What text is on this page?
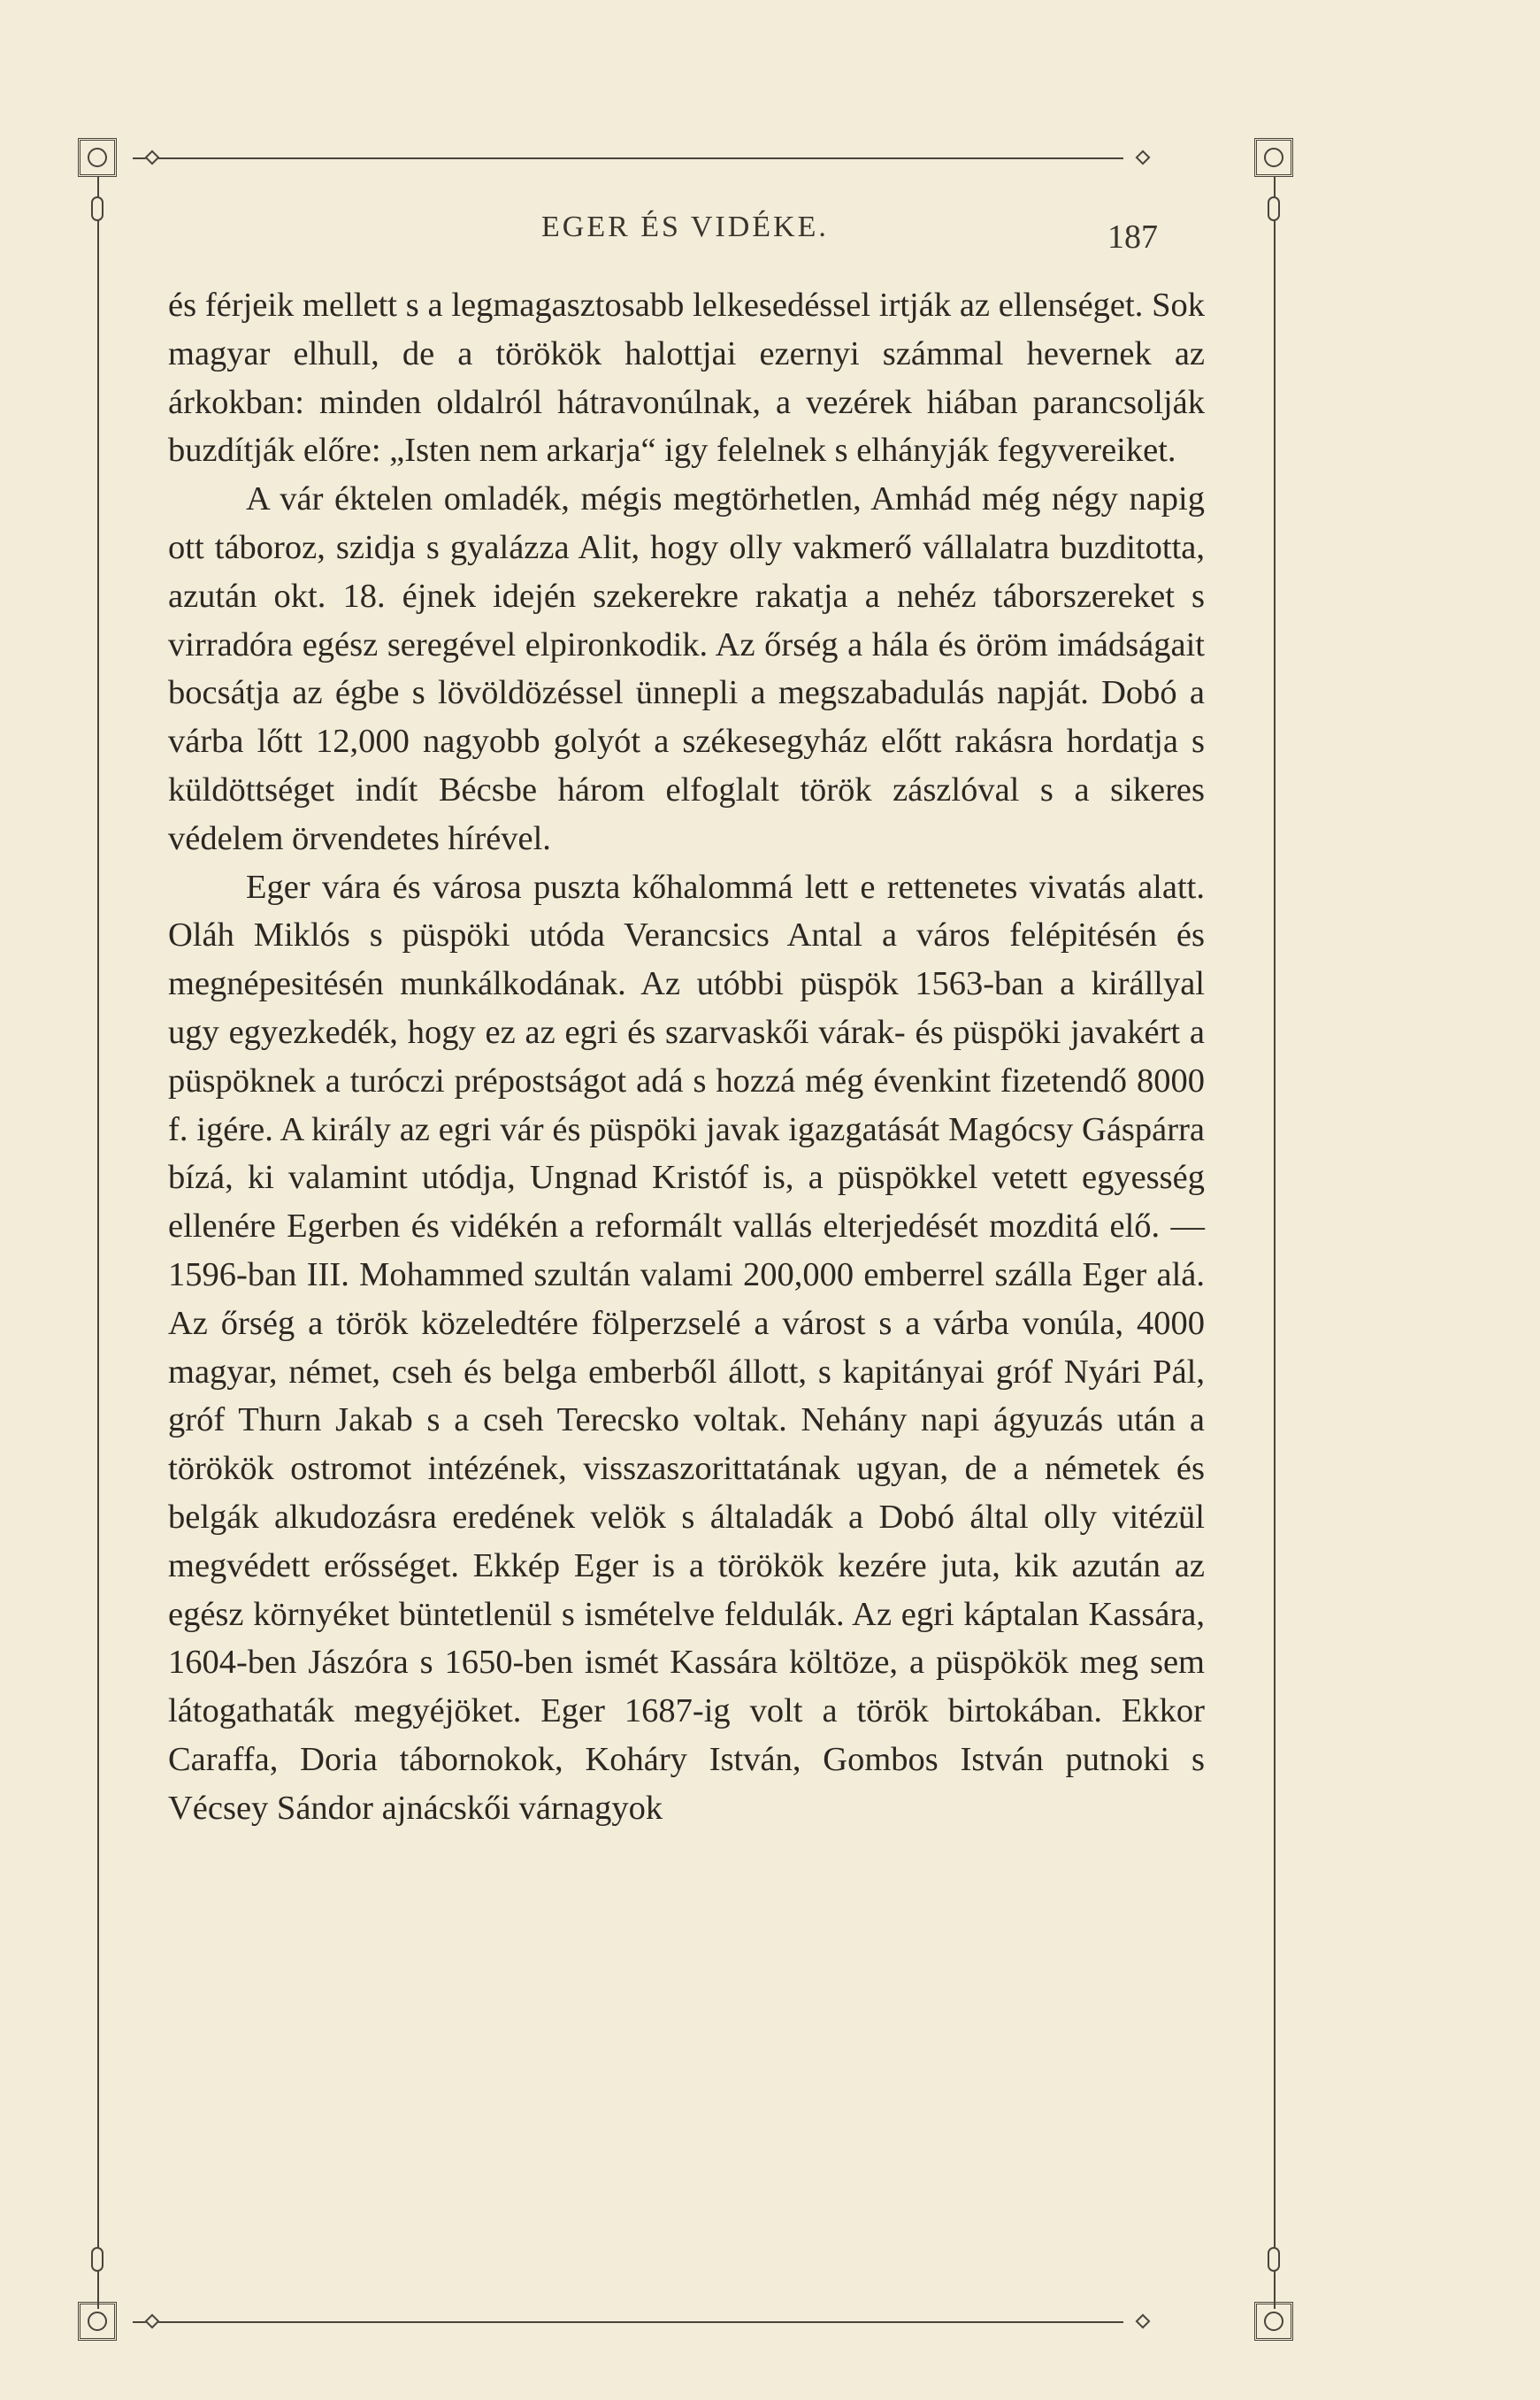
EGER ÉS VIDÉKE.	187

és férjeik mellett s a legmagasztosabb lelkesedéssel irtják az ellenséget. Sok magyar elhull, de a törökök halottjai ezernyi számmal hevernek az árkokban: minden oldalról hátravonúlnak, a vezérek hiában parancsolják buzdítják előre: „Isten nem arkarja“ igy felelnek s elhányják fegyvereiket.

A vár éktelen omladék, mégis megtörhetlen, Amhád még négy napig ott táboroz, szidja s gyalázza Alit, hogy olly vakmerő vállalatra buzditotta, azután okt. 18. éjnek idején szekerekre rakatja a nehéz táborszereket s virradóra egész seregével elpironkodik. Az őrség a hála és öröm imádságait bocsátja az égbe s lövöldözéssel ünnepli a megszabadulás napját. Dobó a várba lőtt 12,000 nagyobb golyót a székesegyház előtt rakásra hordatja s küldöttséget indít Bécsbe három elfoglalt török zászlóval s a sikeres védelem örvendetes hírével.

Eger vára és városa puszta kőhalommá lett e rettenetes vivatás alatt. Oláh Miklós s püspöki utóda Verancsics Antal a város felépitésén és megnépesitésén munkálkodának. Az utóbbi püspök 1563-ban a királlyal ugy egyezkedék, hogy ez az egri és szarvaskői várak- és püspöki javakért a püspöknek a turóczi prépostságot adá s hozzá még évenkint fizetendő 8000 f. igére. A király az egri vár és püspöki javak igazgatását Magócsy Gáspárra bízá, ki valamint utódja, Ungnad Kristóf is, a püspökkel vetett egyesség ellenére Egerben és vidékén a reformált vallás elterjedését mozditá elő. — 1596-ban III. Mohammed szultán valami 200,000 emberrel szálla Eger alá. Az őrség a török közeledtére fölperzselé a várost s a várba vonúla, 4000 magyar, német, cseh és belga emberből állott, s kapitányai gróf Nyári Pál, gróf Thurn Jakab s a cseh Terecsko voltak. Nehány napi ágyuzás után a törökök ostromot intézének, visszaszorittatának ugyan, de a németek és belgák alkudozásra eredének velök s általadák a Dobó által olly vitézül megvédett erősséget. Ekkép Eger is a törökök kezére juta, kik azután az egész környéket büntetlenül s ismételve feldulák. Az egri káptalan Kassára, 1604-ben Jászóra s 1650-ben ismét Kassára költöze, a püspökök meg sem látogathaták megyéjöket. Eger 1687-ig volt a török birtokában. Ekkor Caraffa, Doria tábornokok, Koháry István, Gombos István putnoki s Vécsey Sándor ajnácskői várnagyok
